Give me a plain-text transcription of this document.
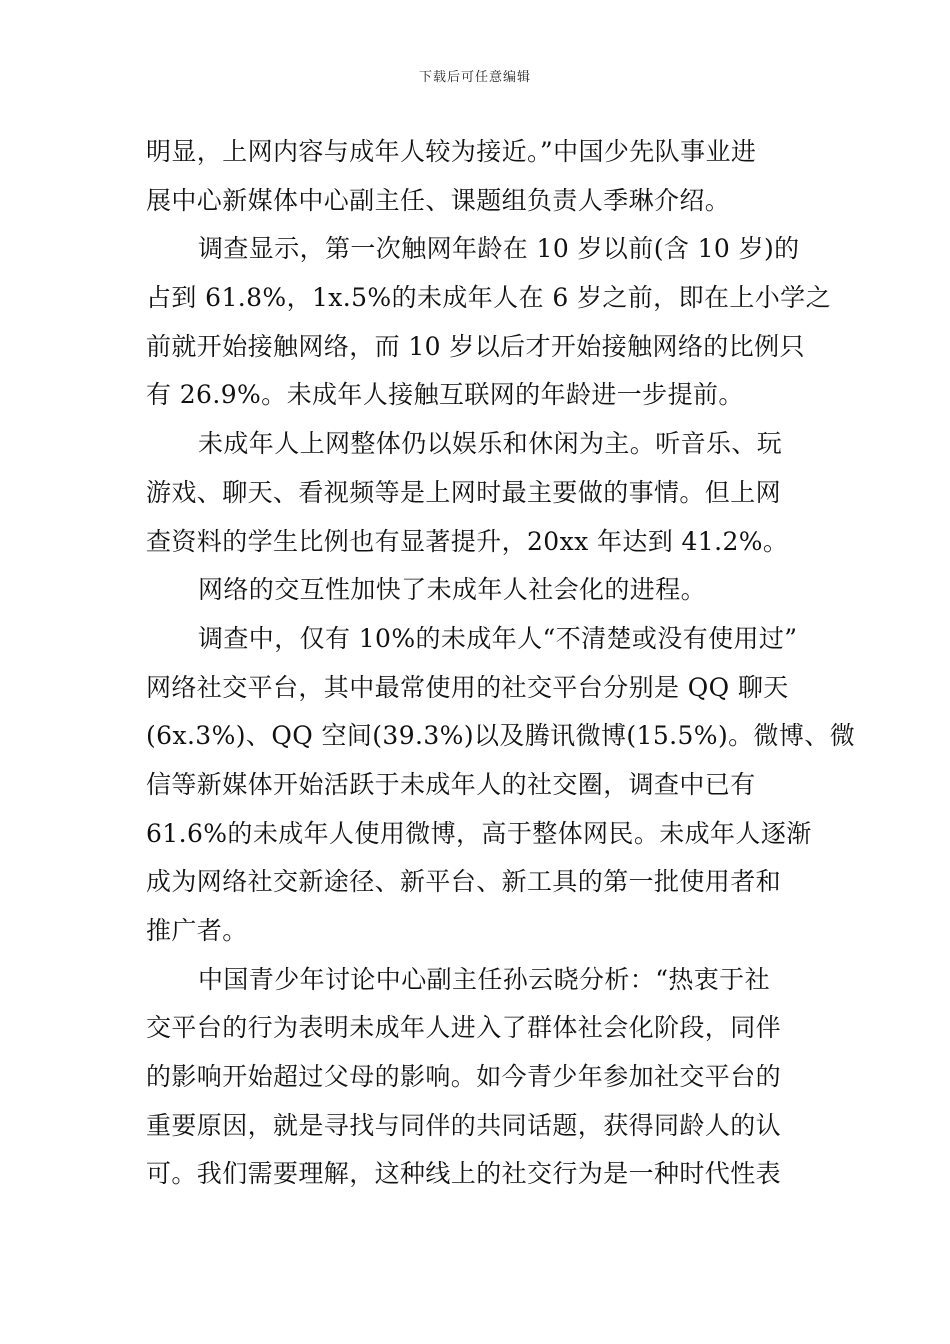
下载后可任意编辑
明显，上网内容与成年人较为接近。”中国少先队事业进
展中心新媒体中心副主任、课题组负责人季琳介绍。
调查显示，第一次触网年龄在 10 岁以前(含 10 岁)的
占到 61.8%，1x.5%的未成年人在 6 岁之前，即在上小学之
前就开始接触网络，而 10 岁以后才开始接触网络的比例只
有 26.9%。未成年人接触互联网的年龄进一步提前。
未成年人上网整体仍以娱乐和休闲为主。听音乐、玩
游戏、聊天、看视频等是上网时最主要做的事情。但上网
查资料的学生比例也有显著提升，20xx 年达到 41.2%。
网络的交互性加快了未成年人社会化的进程。
调查中，仅有 10%的未成年人“不清楚或没有使用过”
网络社交平台，其中最常使用的社交平台分别是 QQ 聊天
(6x.3%)、QQ 空间(39.3%)以及腾讯微博(15.5%)。微博、微
信等新媒体开始活跃于未成年人的社交圈，调查中已有
61.6%的未成年人使用微博，高于整体网民。未成年人逐渐
成为网络社交新途径、新平台、新工具的第一批使用者和
推广者。
中国青少年讨论中心副主任孙云晓分析：“热衷于社
交平台的行为表明未成年人进入了群体社会化阶段，同伴
的影响开始超过父母的影响。如今青少年参加社交平台的
重要原因，就是寻找与同伴的共同话题，获得同龄人的认
可。我们需要理解，这种线上的社交行为是一种时代性表
